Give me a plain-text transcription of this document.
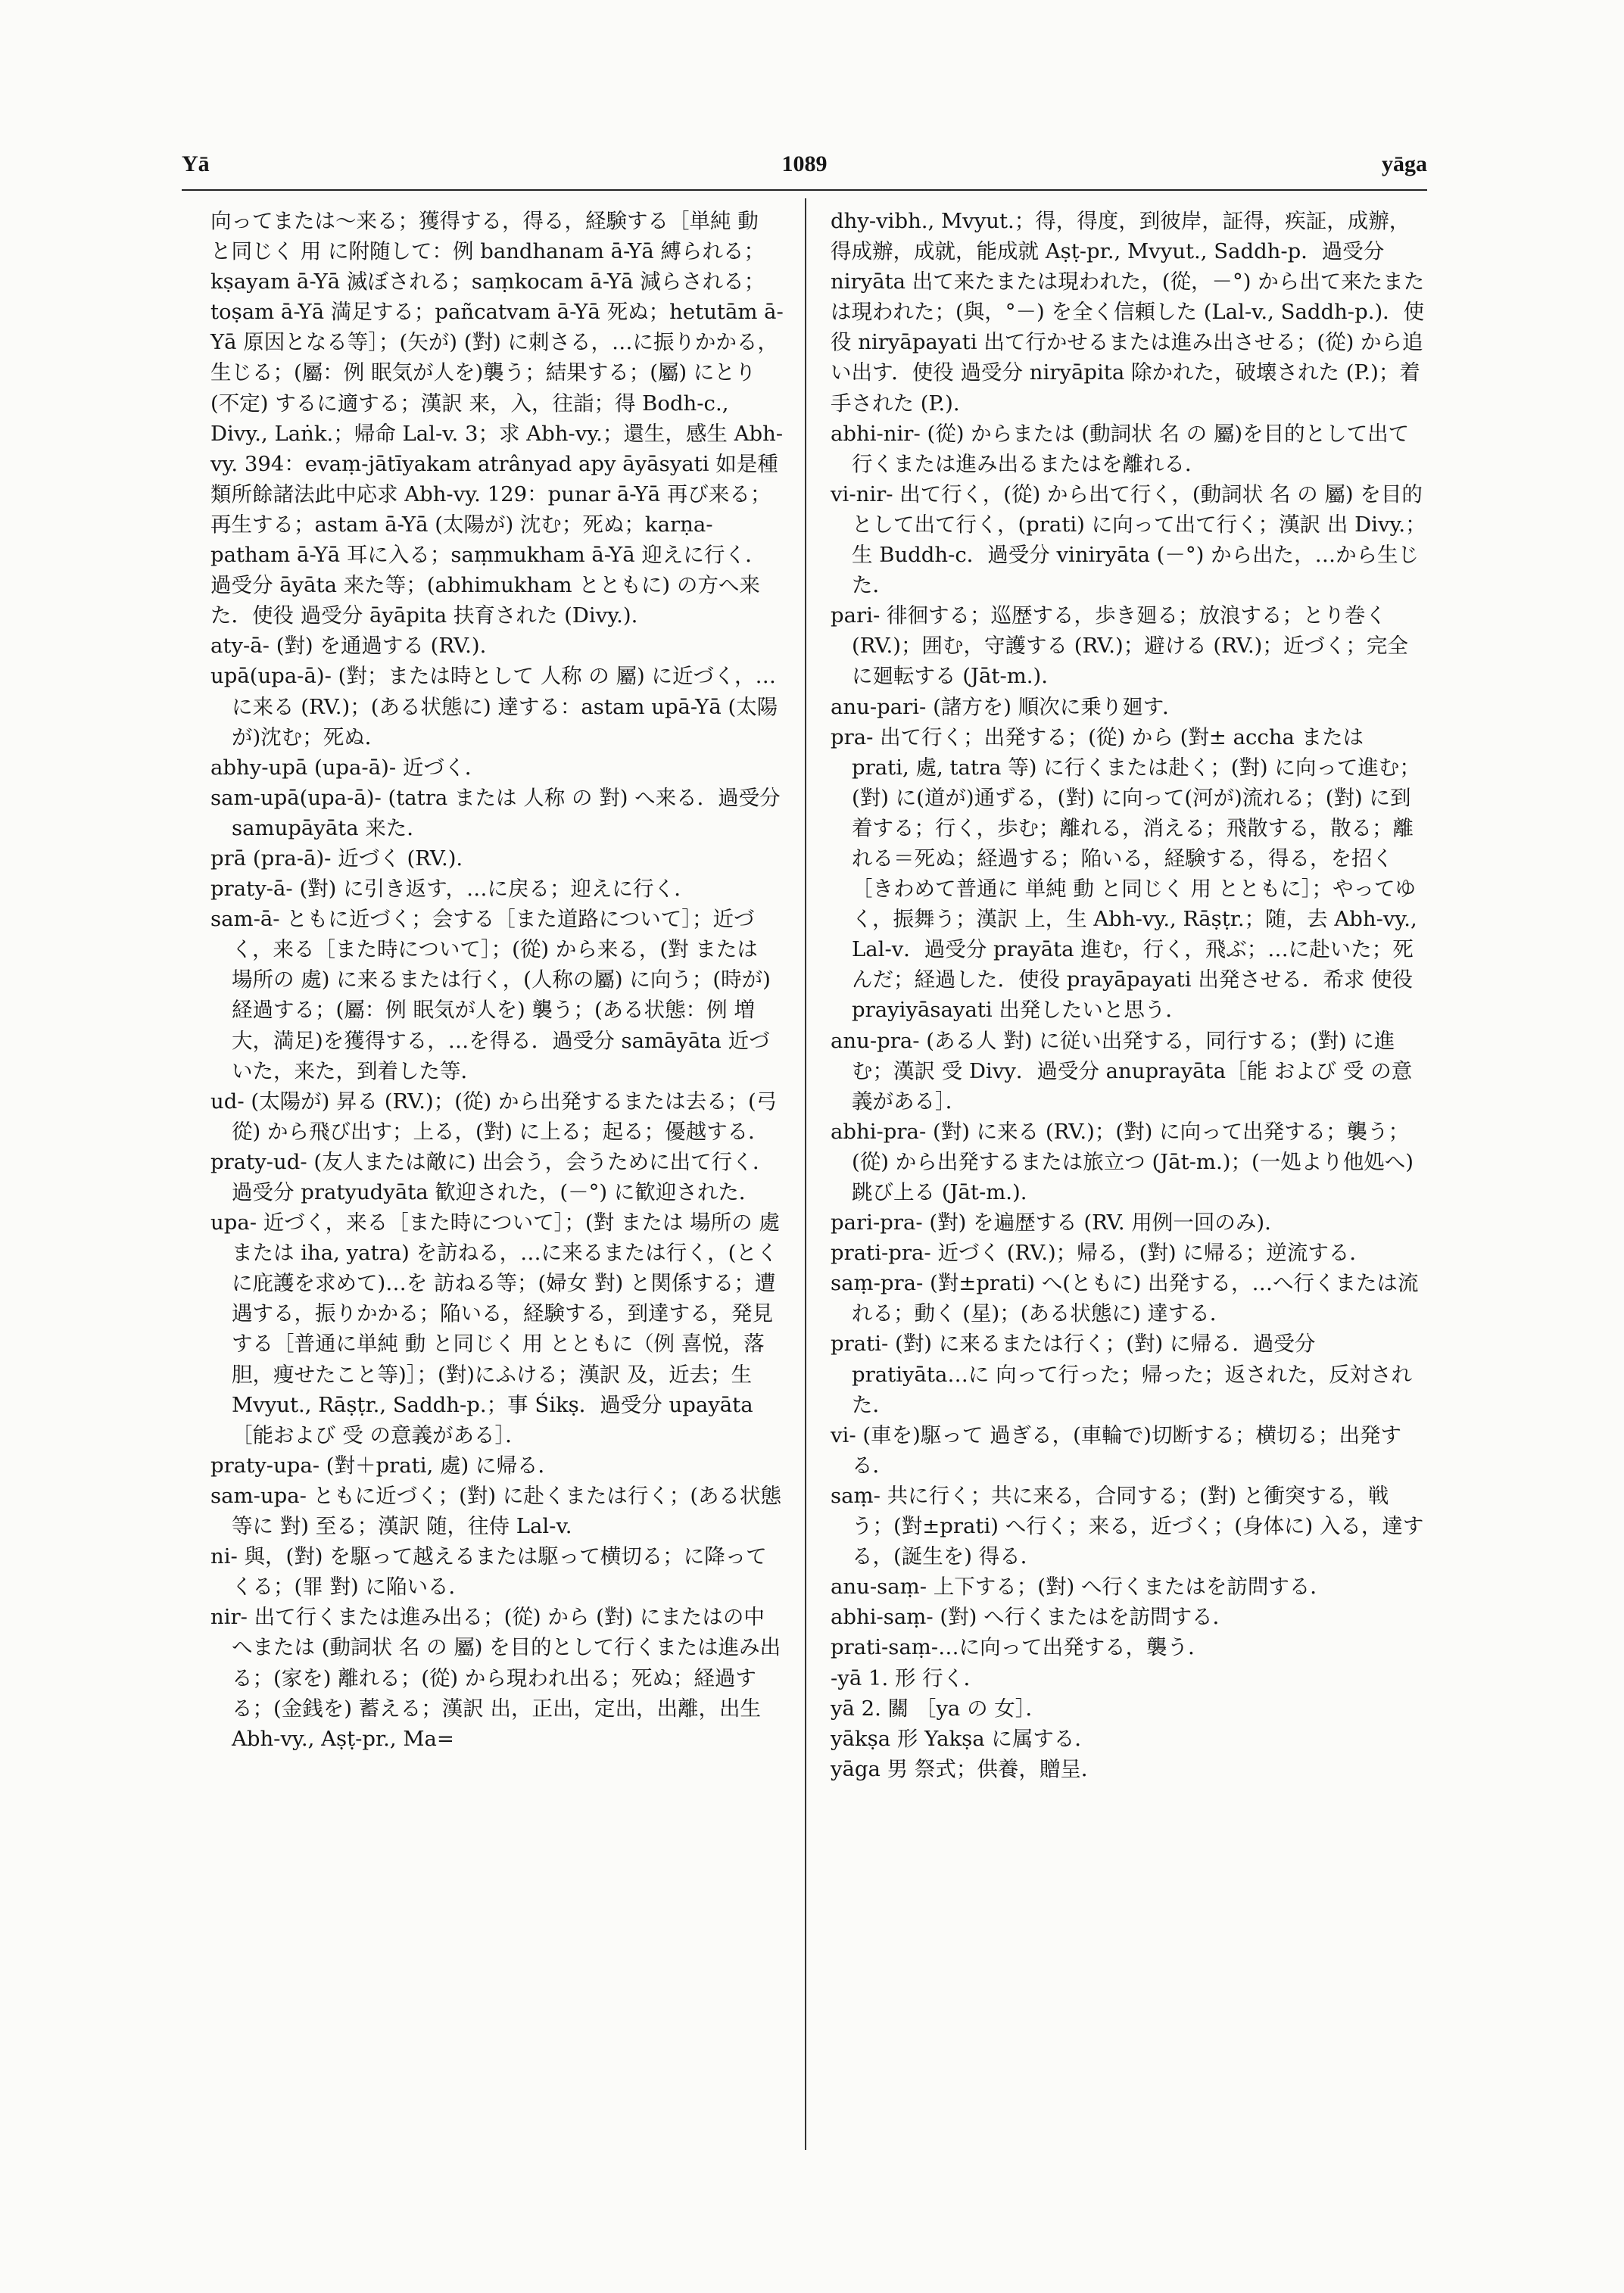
Yā	1089	yāga

向ってまたは〜来る；獲得する，得る，経験する［単純 動 と同じく 用 に附随して：例 bandhanam ā-Yā 縛られる；kṣayam ā-Yā 滅ぼされる；saṃkocam ā-Yā 減らされる；toṣam ā-Yā 満足する；pañcatvam ā-Yā 死ぬ；hetutām ā-Yā 原因となる等］；(矢が) (對) に刺さる，…に振りかかる，生じる；(屬：例 眠気が人を)襲う；結果する；(屬) にとり (不定) するに適する；漢訳 来，入，往詣；得 Bodh-c., Divy., Laṅk.；帰命 Lal-v. 3；求 Abh-vy.；還生，感生 Abh-vy. 394：evaṃ-jātīyakam atrânyad apy āyāsyati 如是種類所餘諸法此中応求 Abh-vy. 129：punar ā-Yā 再び来る；再生する；astam ā-Yā (太陽が) 沈む；死ぬ；karṇa-patham ā-Yā 耳に入る；saṃmukham ā-Yā 迎えに行く．過受分 āyāta 来た等；(abhimukham とともに) の方へ来た．使役 過受分 āyāpita 扶育された (Divy.).

aty-ā- (對) を通過する (RV.).

upā(upa-ā)- (對；または時として 人称 の 屬) に近づく，…に来る (RV.)；(ある状態に) 達する：astam upā-Yā (太陽が)沈む；死ぬ．

abhy-upā (upa-ā)- 近づく．

sam-upā(upa-ā)- (tatra または 人称 の 對) へ来る．過受分 samupāyāta 来た．

prā (pra-ā)- 近づく (RV.).

praty-ā- (對) に引き返す，…に戻る；迎えに行く．

sam-ā- ともに近づく；会する［また道路について］；近づく，来る［また時について］；(從) から来る，(對 または 場所の 處) に来るまたは行く，(人称の屬) に向う；(時が) 経過する；(屬：例 眠気が人を) 襲う；(ある状態：例 増大，満足)を獲得する，…を得る．過受分 samāyāta 近づいた，来た，到着した等．

ud- (太陽が) 昇る (RV.)；(從) から出発するまたは去る；(弓 從) から飛び出す；上る，(對) に上る；起る；優越する．

praty-ud- (友人または敵に) 出会う，会うために出て行く．過受分 pratyudyāta 歓迎された，(－°) に歓迎された．

upa- 近づく，来る［また時について］；(對 または 場所の 處 または iha, yatra) を訪ねる，…に来るまたは行く，(とくに庇護を求めて)…を 訪ねる等；(婦女 對) と関係する；遭遇する，振りかかる；陥いる，経験する，到達する，発見する［普通に単純 動 と同じく 用 とともに（例 喜悦，落胆，痩せたこと等)］；(對)にふける；漢訳 及，近去；生 Mvyut., Rāṣṭr., Saddh-p.；事 Śikṣ．過受分 upayāta［能および 受 の意義がある］．

praty-upa- (對＋prati, 處) に帰る．

sam-upa- ともに近づく；(對) に赴くまたは行く；(ある状態等に 對) 至る；漢訳 随，往侍 Lal-v.

ni- 與，(對) を駆って越えるまたは駆って横切る；に降ってくる；(罪 對) に陥いる．

nir- 出て行くまたは進み出る；(從) から (對) にまたはの中へまたは (動詞状 名 の 屬) を目的として行くまたは進み出る；(家を) 離れる；(從) から現われ出る；死ぬ；経過する；(金銭を) 蓄える；漢訳 出，正出，定出，出離，出生 Abh-vy., Aṣṭ-pr., Ma=

dhy-vibh., Mvyut.；得，得度，到彼岸，証得，疾証，成辦，得成辦，成就，能成就 Aṣṭ-pr., Mvyut., Saddh-p．過受分 niryāta 出て来たまたは現われた，(從，－°) から出て来たまたは現われた；(與，°－) を全く信頼した (Lal-v., Saddh-p.)．使役 niryāpayati 出て行かせるまたは進み出させる；(從) から追い出す．使役 過受分 niryāpita 除かれた，破壊された (P.)；着手された (P.).

abhi-nir- (從) からまたは (動詞状 名 の 屬)を目的として出て行くまたは進み出るまたはを離れる．

vi-nir- 出て行く，(從) から出て行く，(動詞状 名 の 屬) を目的として出て行く，(prati) に向って出て行く；漢訳 出 Divy.；生 Buddh-c．過受分 viniryāta (－°) から出た，…から生じた．

pari- 徘徊する；巡歴する，歩き廻る；放浪する；とり巻く (RV.)；囲む，守護する (RV.)；避ける (RV.)；近づく；完全に廻転する (Jāt-m.).

anu-pari- (諸方を) 順次に乗り廻す．

pra- 出て行く；出発する；(從) から (對± accha または prati, 處, tatra 等) に行くまたは赴く；(對) に向って進む；(對) に(道が)通ずる，(對) に向って(河が)流れる；(對) に到着する；行く，歩む；離れる，消える；飛散する，散る；離れる＝死ぬ；経過する；陥いる，経験する，得る，を招く［きわめて普通に 単純 動 と同じく 用 とともに］；やってゆく，振舞う；漢訳 上，生 Abh-vy., Rāṣṭr.；随，去 Abh-vy., Lal-v．過受分 prayāta 進む，行く，飛ぶ；…に赴いた；死んだ；経過した．使役 prayāpayati 出発させる．希求 使役 prayiyāsayati 出発したいと思う．

anu-pra- (ある人 對) に従い出発する，同行する；(對) に進む；漢訳 受 Divy．過受分 anuprayāta［能 および 受 の意義がある］．

abhi-pra- (對) に来る (RV.)；(對) に向って出発する；襲う；(從) から出発するまたは旅立つ (Jāt-m.)；(一処より他処へ) 跳び上る (Jāt-m.).

pari-pra- (對) を遍歴する (RV. 用例一回のみ).

prati-pra- 近づく (RV.)；帰る，(對) に帰る；逆流する．

saṃ-pra- (對±prati) へ(ともに) 出発する，…へ行くまたは流れる；動く (星)；(ある状態に) 達する．

prati- (對) に来るまたは行く；(對) に帰る．過受分 pratiyāta…に 向って行った；帰った；返された，反対された．

vi- (車を)駆って 過ぎる，(車輪で)切断する；横切る；出発する．

saṃ- 共に行く；共に来る，合同する；(對) と衝突する，戦う；(對±prati) へ行く；来る，近づく；(身体に) 入る，達する，(誕生を) 得る．

anu-saṃ- 上下する；(對) へ行くまたはを訪問する．

abhi-saṃ- (對) へ行くまたはを訪問する．

prati-saṃ-…に向って出発する，襲う．

-yā 1. 形 行く．

yā 2. 關 ［ya の 女］．

yākṣa 形 Yakṣa に属する．

yāga 男 祭式；供養，贈呈．
